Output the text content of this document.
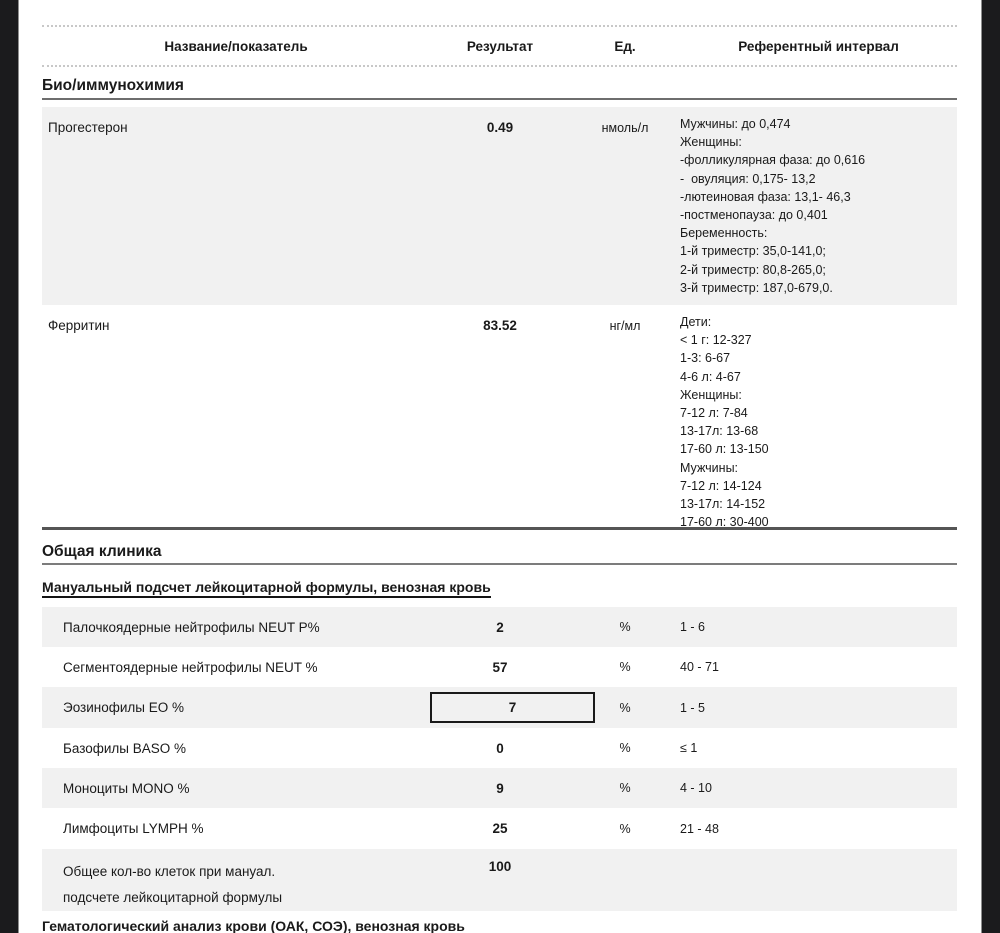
Название/показатель	Результат	Ед.	Референтный интервал
Био/иммунохимия
Прогестерон	0.49	нмоль/л	Мужчины: до 0,474
Женщины:
-фолликулярная фаза: до 0,616
-  овуляция: 0,175- 13,2
-лютеиновая фаза: 13,1- 46,3
-постменопауза: до 0,401
Беременность:
1-й триместр: 35,0-141,0;
2-й триместр: 80,8-265,0;
3-й триместр: 187,0-679,0.
Ферритин	83.52	нг/мл	Дети:
< 1 г: 12-327
1-3: 6-67
4-6 л: 4-67
Женщины:
7-12 л: 7-84
13-17л: 13-68
17-60 л: 13-150
Мужчины:
7-12 л: 14-124
13-17л: 14-152
17-60 л: 30-400
Общая клиника
Мануальный подсчет лейкоцитарной формулы, венозная кровь
Палочкоядерные нейтрофилы NEUT P%	2	%	1 - 6
Сегментоядерные нейтрофилы NEUT %	57	%	40 - 71
Эозинофилы EO %	7	%	1 - 5
Базофилы BASO %	0	%	≤ 1
Моноциты MONO %	9	%	4 - 10
Лимфоциты LYMPH %	25	%	21 - 48
Общее кол-во клеток при мануал.
подсчете лейкоцитарной формулы
100
Гематологический анализ крови (ОАК, СОЭ), венозная кровь
